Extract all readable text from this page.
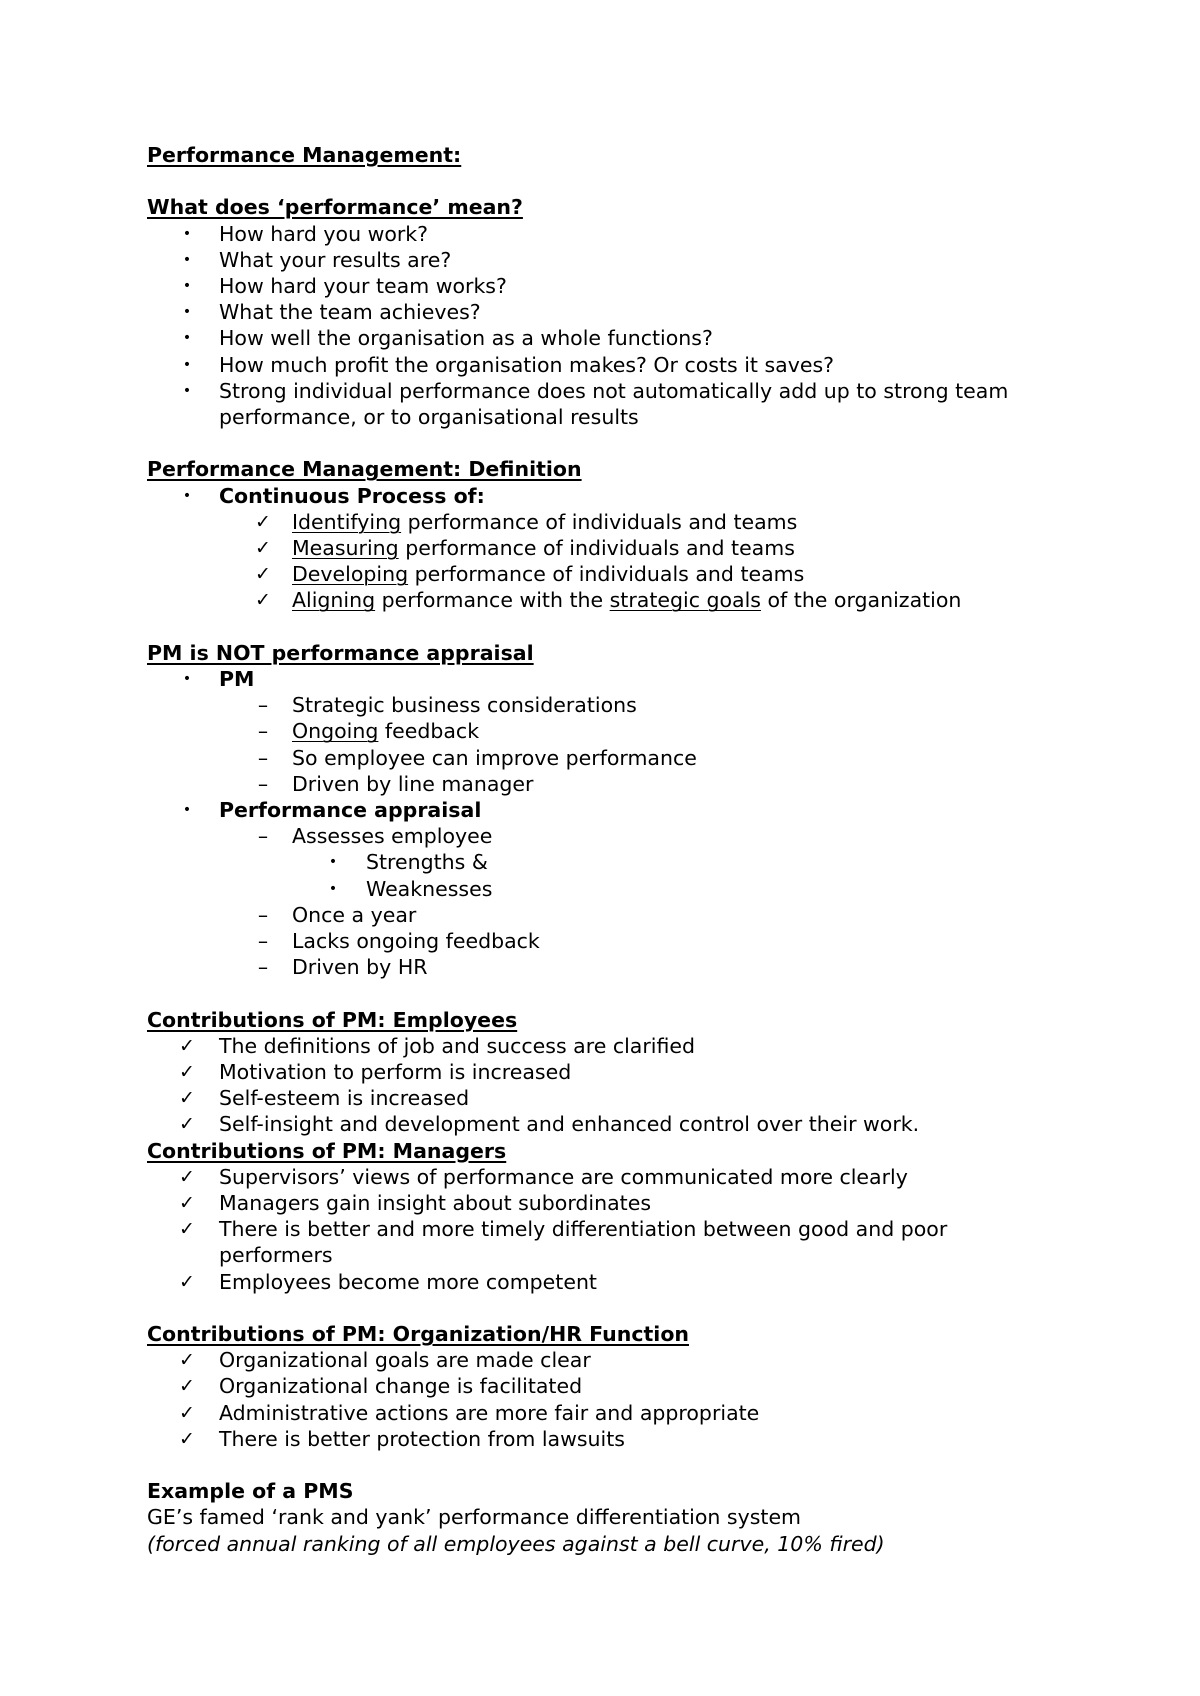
Performance Management:
What does ‘performance’ mean?
• How hard you work?
• What your results are?
• How hard your team works?
• What the team achieves?
• How well the organisation as a whole functions?
• How much profit the organisation makes? Or costs it saves?
• Strong individual performance does not automatically add up to strong team performance, or to organisational results
Performance Management: Definition
• Continuous Process of:
✓ Identifying performance of individuals and teams
✓ Measuring performance of individuals and teams
✓ Developing performance of individuals and teams
✓ Aligning performance with the strategic goals of the organization
PM is NOT performance appraisal
• PM
– Strategic business considerations
– Ongoing feedback
– So employee can improve performance
– Driven by line manager
• Performance appraisal
– Assesses employee
• Strengths &
• Weaknesses
– Once a year
– Lacks ongoing feedback
– Driven by HR
Contributions of PM: Employees
✓ The definitions of job and success are clarified
✓ Motivation to perform is increased
✓ Self-esteem is increased
✓ Self-insight and development and enhanced control over their work.
Contributions of PM: Managers
✓ Supervisors’ views of performance are communicated more clearly
✓ Managers gain insight about subordinates
✓ There is better and more timely differentiation between good and poor performers
✓ Employees become more competent
Contributions of PM: Organization/HR Function
✓ Organizational goals are made clear
✓ Organizational change is facilitated
✓ Administrative actions are more fair and appropriate
✓ There is better protection from lawsuits
Example of a PMS
GE’s famed ‘rank and yank’ performance differentiation system
(forced annual ranking of all employees against a bell curve, 10% fired)
